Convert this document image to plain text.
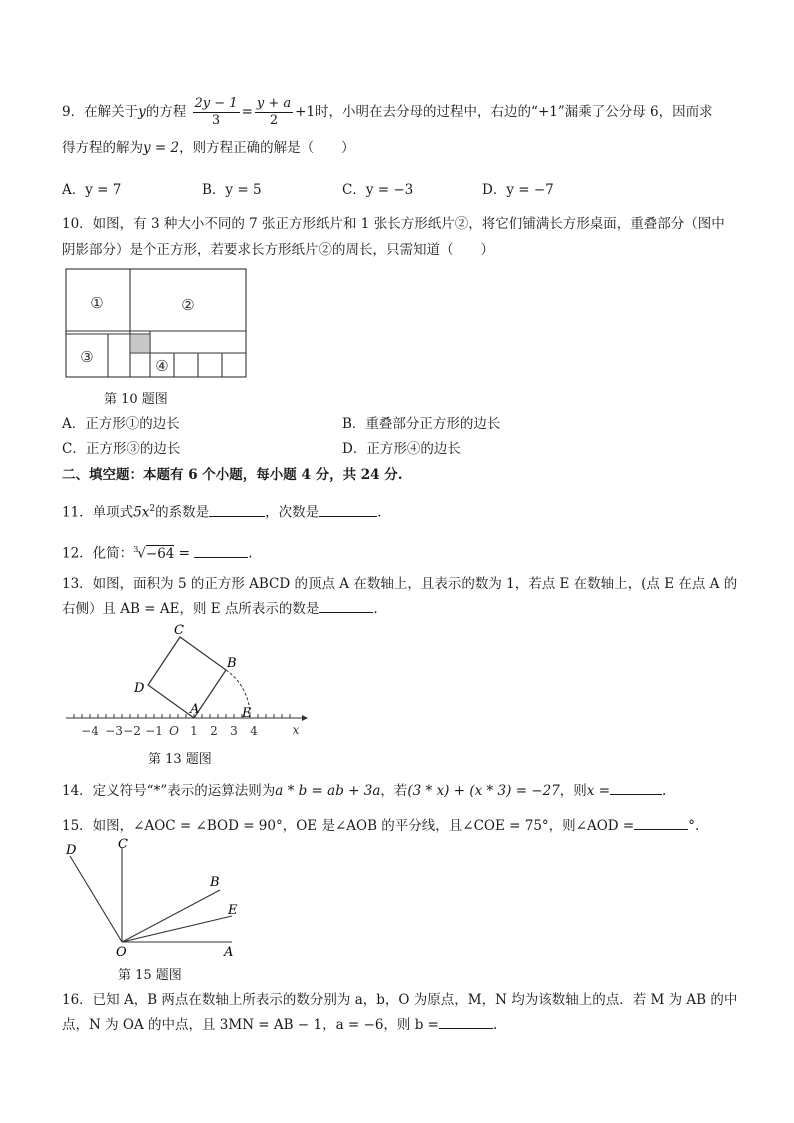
9．在解关于y的方程 $\frac{2y - 1}{3} = \frac{y + a}{2} +1$时，小明在去分母的过程中，右边的“+1”漏乘了公分母 6，因而求
得方程的解为y = 2，则方程正确的解是（　　）
A．y = 7	B．y = 5	C．y = −3	D．y = −7
10．如图，有 3 种大小不同的 7 张正方形纸片和 1 张长方形纸片②，将它们铺满长方形桌面，重叠部分（图中
阴影部分）是个正方形，若要求长方形纸片②的周长，只需知道（　　）
①	②
③	④
第 10 题图
A．正方形①的边长	B．重叠部分正方形的边长
C．正方形③的边长	D．正方形④的边长
二、填空题：本题有 6 个小题，每小题 4 分，共 24 分.
11．单项式$5x^2$的系数是	，次数是	.
12．化简：$^3$√−64 =	.
13．如图，面积为 5 的正方形 ABCD 的顶点 A 在数轴上，且表示的数为 1，若点 E 在数轴上，(点 E 在点 A 的
右侧）且 AB = AE，则 E 点所表示的数是	.
C
B
D
A	E
−4 −3 −2 −1 O 1 2 3 4	x
第 13 题图
14．定义符号“*”表示的运算法则为a * b = ab + 3a，若(3 * x) + (x * 3) = −27，则x =	.
15．如图，∠AOC = ∠BOD = 90°，OE 是∠AOB 的平分线，且∠COE = 75°，则∠AOD =	°.
D	C
B
E
O	A
第 15 题图
16．已知 A，B 两点在数轴上所表示的数分别为 a，b，O 为原点，M，N 均为该数轴上的点．若 M 为 AB 的中
点，N 为 OA 的中点，且 3MN = AB − 1，a = −6，则 b =	.
